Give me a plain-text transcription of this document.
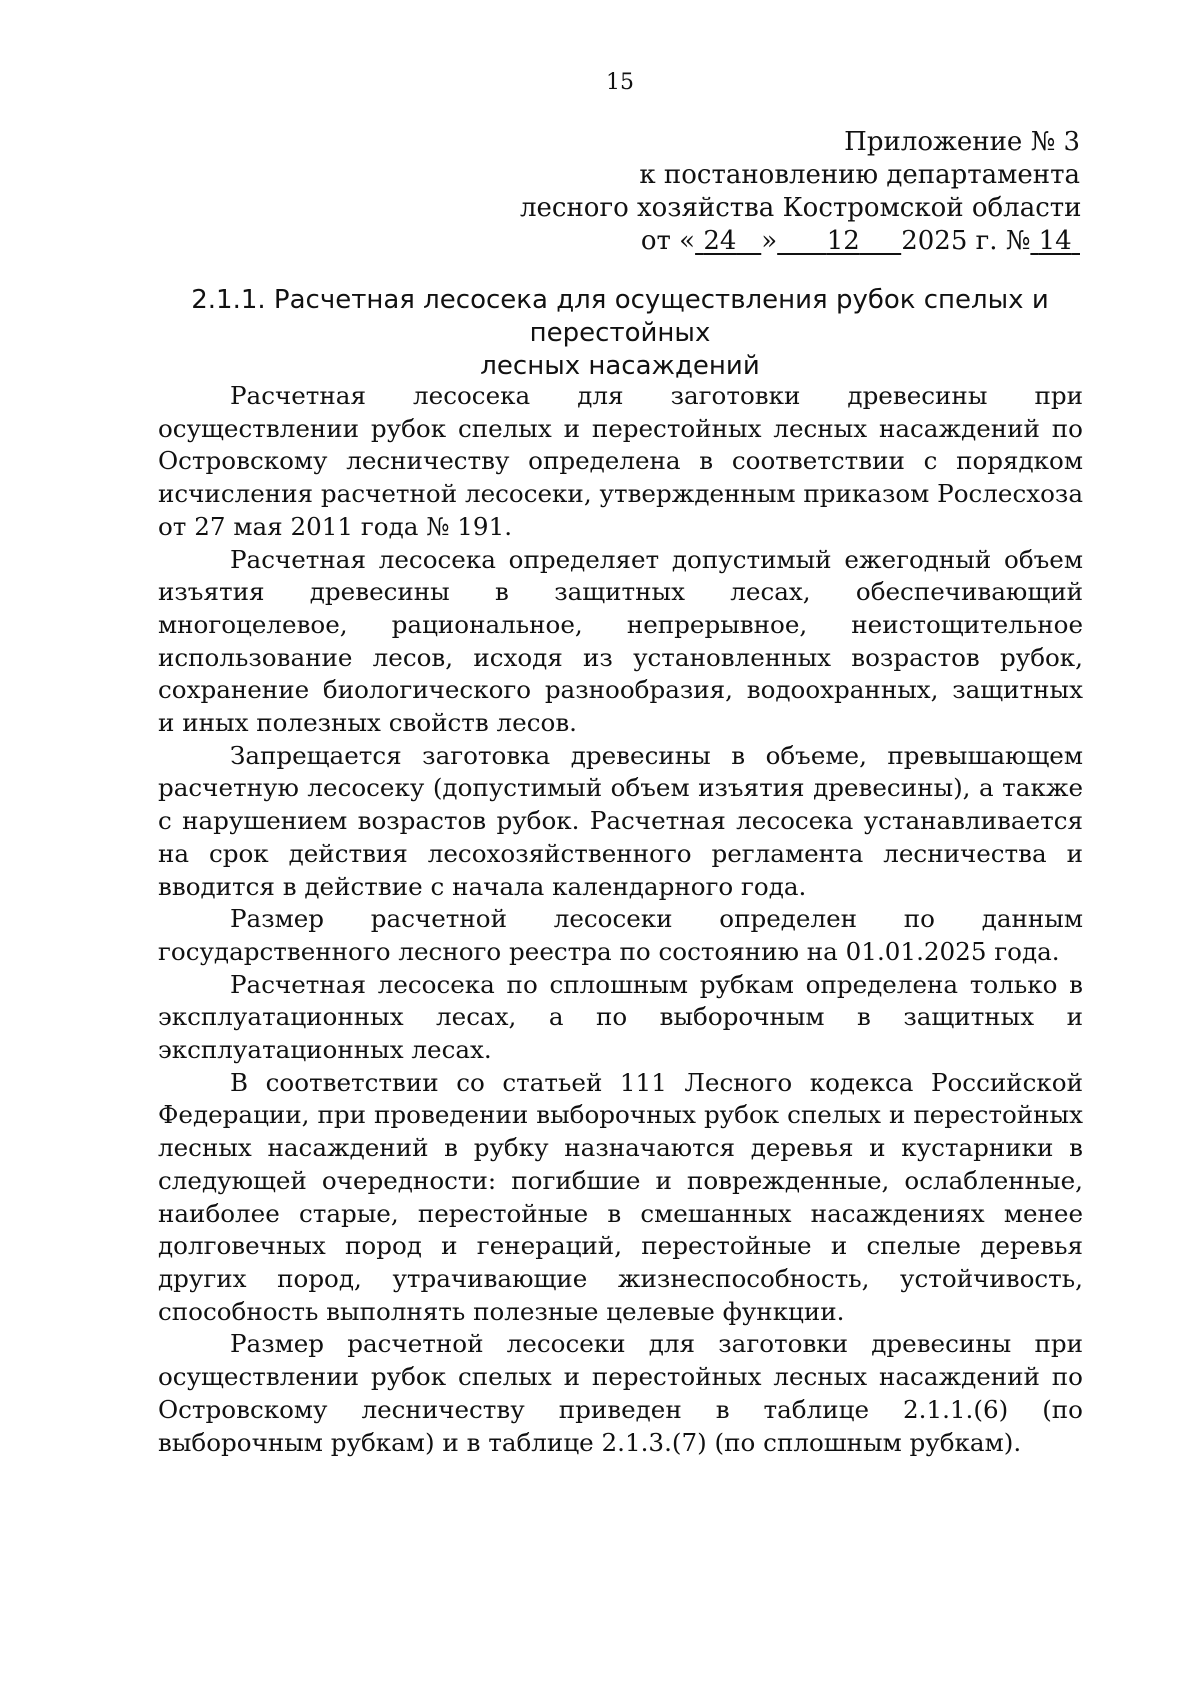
15
Приложение № 3
к постановлению департамента
лесного хозяйства Костромской области
от « 24 » 12 2025 г. № 14
2.1.1. Расчетная лесосека для осуществления рубок спелых и перестойных
лесных насаждений

Расчетная лесосека для заготовки древесины при осуществлении рубок спелых и перестойных лесных насаждений по Островскому лесничеству определена в соответствии с порядком исчисления расчетной лесосеки, утвержденным приказом Рослесхоза от 27 мая 2011 года № 191.

Расчетная лесосека определяет допустимый ежегодный объем изъятия древесины в защитных лесах, обеспечивающий многоцелевое, рациональное, непрерывное, неистощительное использование лесов, исходя из установленных возрастов рубок, сохранение биологического разнообразия, водоохранных, защитных и иных полезных свойств лесов.

Запрещается заготовка древесины в объеме, превышающем расчетную лесосеку (допустимый объем изъятия древесины), а также с нарушением возрастов рубок. Расчетная лесосека устанавливается на срок действия лесохозяйственного регламента лесничества и вводится в действие с начала календарного года.

Размер расчетной лесосеки определен по данным государственного лесного реестра по состоянию на 01.01.2025 года.

Расчетная лесосека по сплошным рубкам определена только в эксплуатационных лесах, а по выборочным в защитных и эксплуатационных лесах.

В соответствии со статьей 111 Лесного кодекса Российской Федерации, при проведении выборочных рубок спелых и перестойных лесных насаждений в рубку назначаются деревья и кустарники в следующей очередности: погибшие и поврежденные, ослабленные, наиболее старые, перестойные в смешанных насаждениях менее долговечных пород и генераций, перестойные и спелые деревья других пород, утрачивающие жизнеспособность, устойчивость, способность выполнять полезные целевые функции.

Размер расчетной лесосеки для заготовки древесины при осуществлении рубок спелых и перестойных лесных насаждений по Островскому лесничеству приведен в таблице 2.1.1.(6) (по выборочным рубкам) и в таблице 2.1.3.(7) (по сплошным рубкам).
